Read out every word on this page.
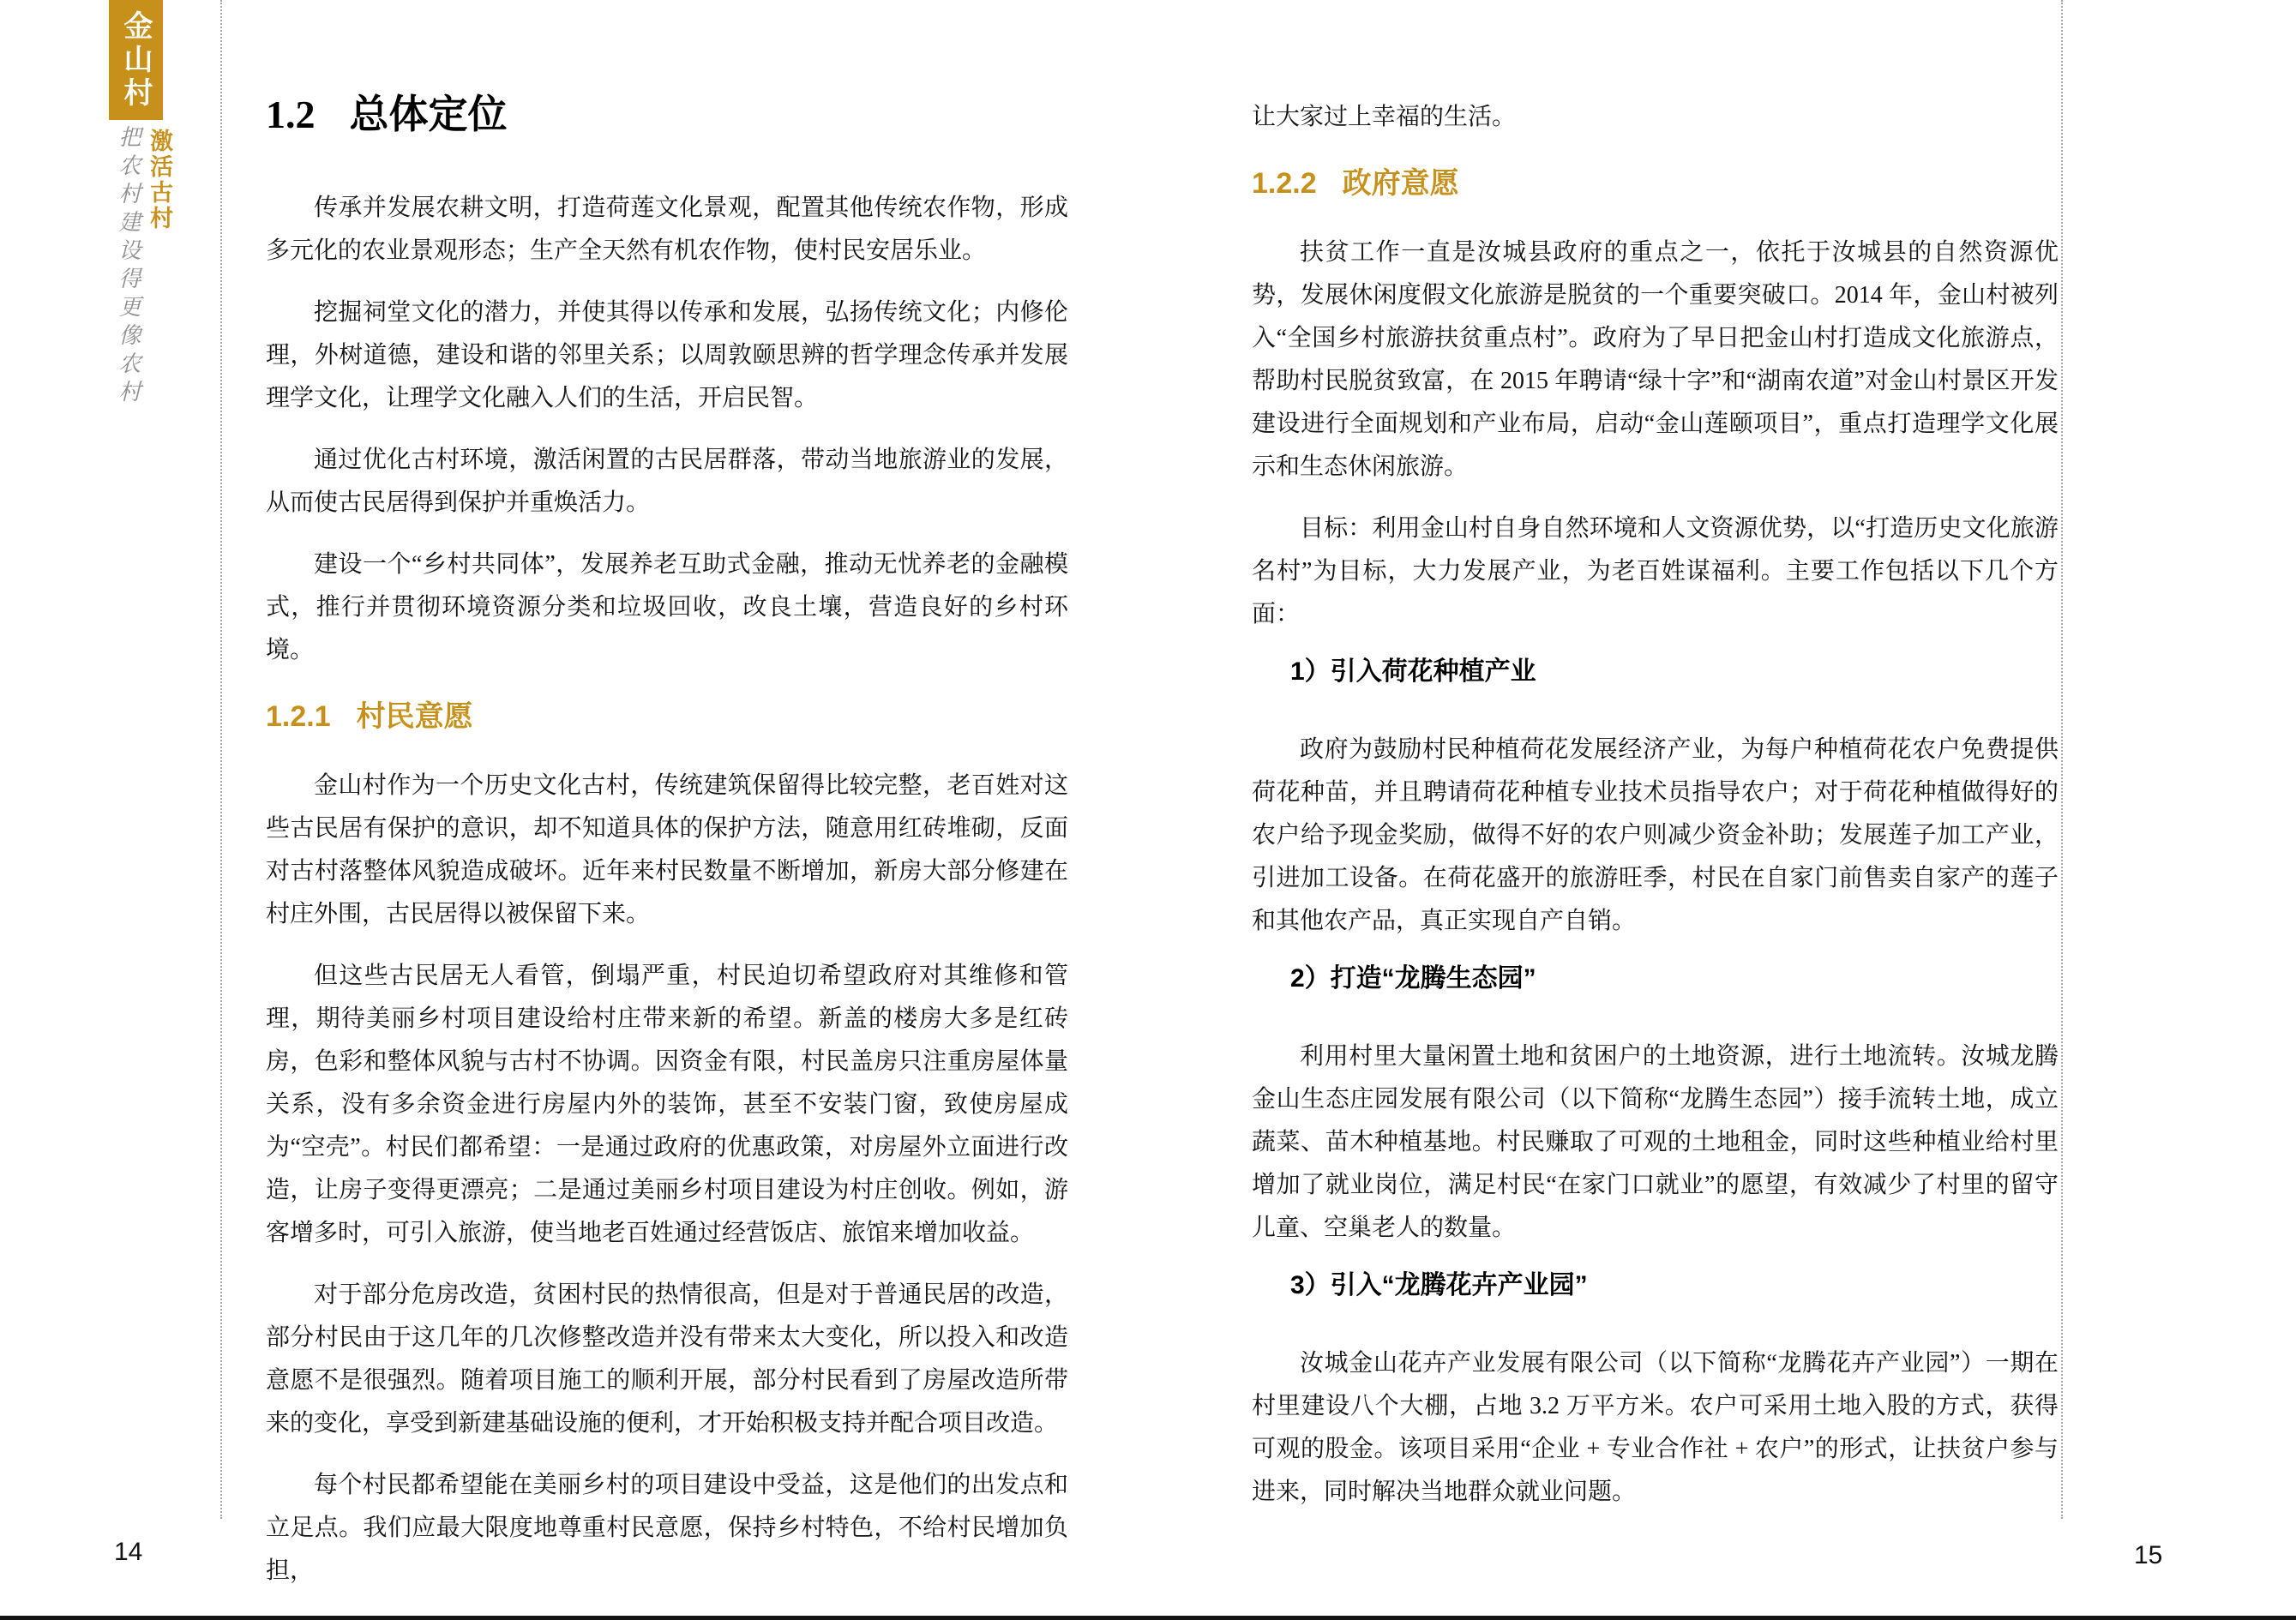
金山村
激活古村
把农村建设得更像农村
1.2 总体定位

传承并发展农耕文明，打造荷莲文化景观，配置其他传统农作物，形成多元化的农业景观形态；生产全天然有机农作物，使村民安居乐业。

挖掘祠堂文化的潜力，并使其得以传承和发展，弘扬传统文化；内修伦理，外树道德，建设和谐的邻里关系；以周敦颐思辨的哲学理念传承并发展理学文化，让理学文化融入人们的生活，开启民智。

通过优化古村环境，激活闲置的古民居群落，带动当地旅游业的发展，从而使古民居得到保护并重焕活力。

建设一个“乡村共同体”，发展养老互助式金融，推动无忧养老的金融模式，推行并贯彻环境资源分类和垃圾回收，改良土壤，营造良好的乡村环境。

1.2.1 村民意愿

金山村作为一个历史文化古村，传统建筑保留得比较完整，老百姓对这些古民居有保护的意识，却不知道具体的保护方法，随意用红砖堆砌，反面对古村落整体风貌造成破坏。近年来村民数量不断增加，新房大部分修建在村庄外围，古民居得以被保留下来。

但这些古民居无人看管，倒塌严重，村民迫切希望政府对其维修和管理，期待美丽乡村项目建设给村庄带来新的希望。新盖的楼房大多是红砖房，色彩和整体风貌与古村不协调。因资金有限，村民盖房只注重房屋体量关系，没有多余资金进行房屋内外的装饰，甚至不安装门窗，致使房屋成为“空壳”。村民们都希望：一是通过政府的优惠政策，对房屋外立面进行改造，让房子变得更漂亮；二是通过美丽乡村项目建设为村庄创收。例如，游客增多时，可引入旅游，使当地老百姓通过经营饭店、旅馆来增加收益。

对于部分危房改造，贫困村民的热情很高，但是对于普通民居的改造，部分村民由于这几年的几次修整改造并没有带来太大变化，所以投入和改造意愿不是很强烈。随着项目施工的顺利开展，部分村民看到了房屋改造所带来的变化，享受到新建基础设施的便利，才开始积极支持并配合项目改造。

每个村民都希望能在美丽乡村的项目建设中受益，这是他们的出发点和立足点。我们应最大限度地尊重村民意愿，保持乡村特色，不给村民增加负担，

让大家过上幸福的生活。

1.2.2 政府意愿

扶贫工作一直是汝城县政府的重点之一，依托于汝城县的自然资源优势，发展休闲度假文化旅游是脱贫的一个重要突破口。2014 年，金山村被列入“全国乡村旅游扶贫重点村”。政府为了早日把金山村打造成文化旅游点，帮助村民脱贫致富，在 2015 年聘请“绿十字”和“湖南农道”对金山村景区开发建设进行全面规划和产业布局，启动“金山莲颐项目”，重点打造理学文化展示和生态休闲旅游。

目标：利用金山村自身自然环境和人文资源优势，以“打造历史文化旅游名村”为目标，大力发展产业，为老百姓谋福利。主要工作包括以下几个方面：

1）引入荷花种植产业

政府为鼓励村民种植荷花发展经济产业，为每户种植荷花农户免费提供荷花种苗，并且聘请荷花种植专业技术员指导农户；对于荷花种植做得好的农户给予现金奖励，做得不好的农户则减少资金补助；发展莲子加工产业，引进加工设备。在荷花盛开的旅游旺季，村民在自家门前售卖自家产的莲子和其他农产品，真正实现自产自销。

2）打造“龙腾生态园”

利用村里大量闲置土地和贫困户的土地资源，进行土地流转。汝城龙腾金山生态庄园发展有限公司（以下简称“龙腾生态园”）接手流转土地，成立蔬菜、苗木种植基地。村民赚取了可观的土地租金，同时这些种植业给村里增加了就业岗位，满足村民“在家门口就业”的愿望，有效减少了村里的留守儿童、空巢老人的数量。

3）引入“龙腾花卉产业园”

汝城金山花卉产业发展有限公司（以下简称“龙腾花卉产业园”）一期在村里建设八个大棚，占地 3.2 万平方米。农户可采用土地入股的方式，获得可观的股金。该项目采用“企业 + 专业合作社 + 农户”的形式，让扶贫户参与进来，同时解决当地群众就业问题。

14	15
